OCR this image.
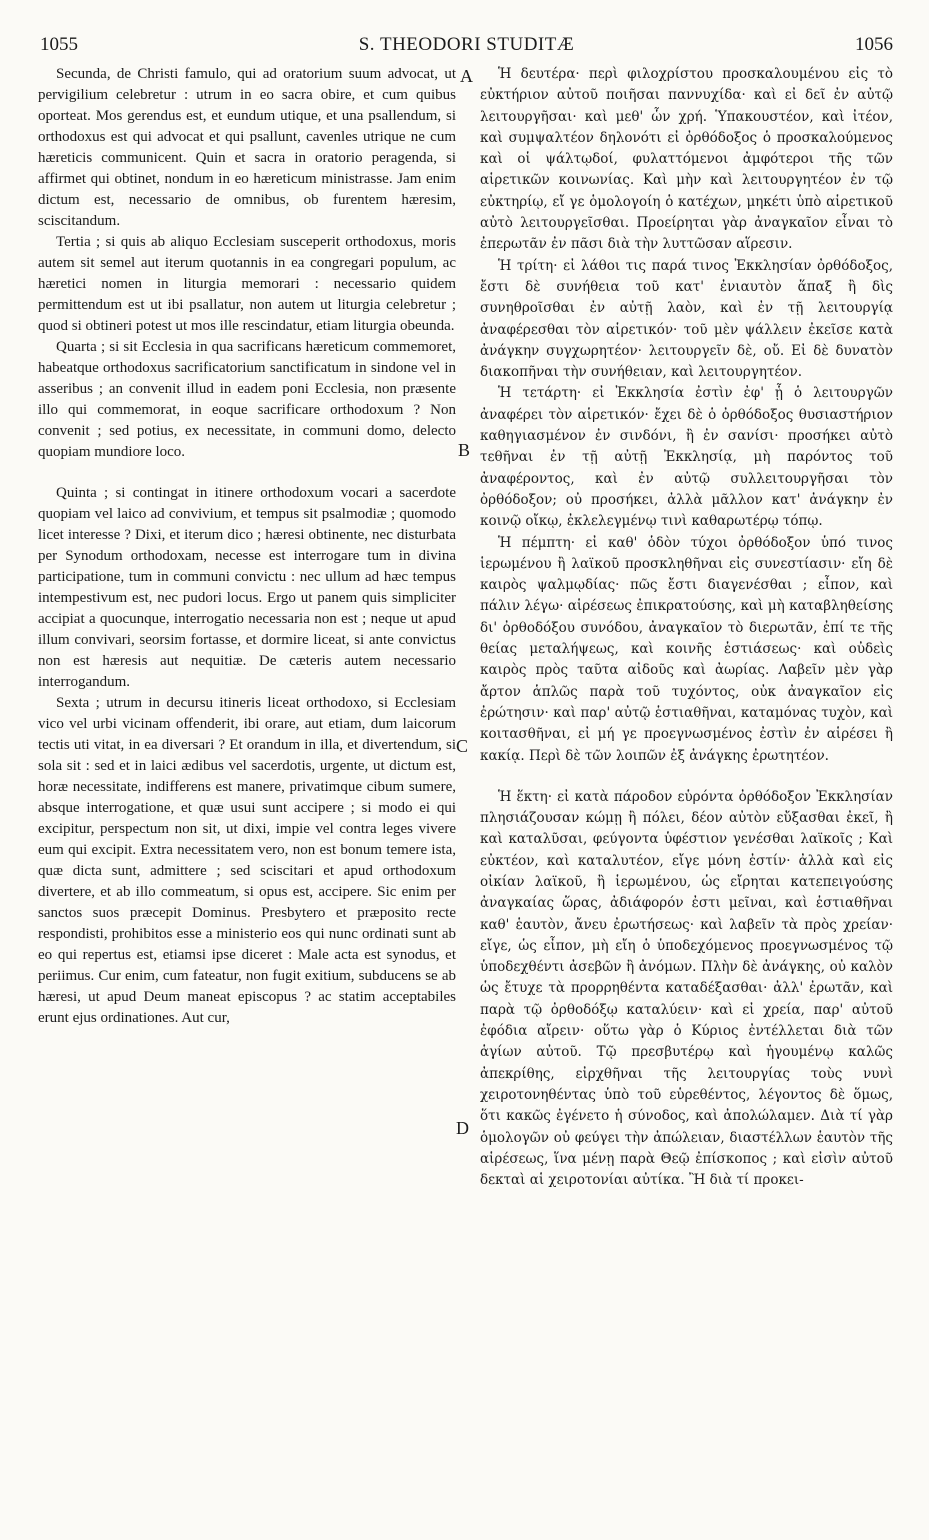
1055	S. THEODORI STUDITÆ	1056
A
B
C
D

Secunda, de Christi famulo, qui ad oratorium suum advocat, ut pervigilium celebretur : utrum in eo sacra obire, et cum quibus oporteat. Mos gerendus est, et eundum utique, et una psallendum, si orthodoxus est qui advocat et qui psallunt, cavenles utrique ne cum hæreticis communicent. Quin et sacra in oratorio peragenda, si affirmet qui obtinet, nondum in eo hæreticum ministrasse. Jam enim dictum est, necessario de omnibus, ob furentem hæresim, sciscitandum.

Tertia ; si quis ab aliquo Ecclesiam susceperit orthodoxus, moris autem sit semel aut iterum quotannis in ea congregari populum, ac hæretici nomen in liturgia memorari : necessario quidem permittendum est ut ibi psallatur, non autem ut liturgia celebretur ; quod si obtineri potest ut mos ille rescindatur, etiam liturgia obeunda.

Quarta ; si sit Ecclesia in qua sacrificans hæreticum commemoret, habeatque orthodoxus sacrificatorium sanctificatum in sindone vel in asseribus ; an convenit illud in eadem poni Ecclesia, non præsente illo qui commemorat, in eoque sacrificare orthodoxum ? Non convenit ; sed potius, ex necessitate, in communi domo, delecto quopiam mundiore loco.

Quinta ; si contingat in itinere orthodoxum vocari a sacerdote quopiam vel laico ad convivium, et tempus sit psalmodiæ ; quomodo licet interesse ? Dixi, et iterum dico ; hæresi obtinente, nec disturbata per Synodum orthodoxam, necesse est interrogare tum in divina participatione, tum in communi convictu : nec ullum ad hæc tempus intempestivum est, nec pudori locus. Ergo ut panem quis simpliciter accipiat a quocunque, interrogatio necessaria non est ; neque ut apud illum convivari, seorsim fortasse, et dormire liceat, si ante convictus non est hæresis aut nequitiæ. De cæteris autem necessario interrogandum.

Sexta ; utrum in decursu itineris liceat orthodoxo, si Ecclesiam vico vel urbi vicinam offenderit, ibi orare, aut etiam, dum laicorum tectis uti vitat, in ea diversari ? Et orandum in illa, et divertendum, si sola sit : sed et in laici ædibus vel sacerdotis, urgente, ut dictum est, horæ necessitate, indifferens est manere, privatimque cibum sumere, absque interrogatione, et quæ usui sunt accipere ; si modo ei qui excipitur, perspectum non sit, ut dixi, impie vel contra leges vivere eum qui excipit. Extra necessitatem vero, non est bonum temere ista, quæ dicta sunt, admittere ; sed sciscitari et apud orthodoxum divertere, et ab illo commeatum, si opus est, accipere. Sic enim per sanctos suos præcepit Dominus. Presbytero et præposito recte respondisti, prohibitos esse a ministerio eos qui nunc ordinati sunt ab eo qui repertus est, etiamsi ipse diceret : Male acta est synodus, et periimus. Cur enim, cum fateatur, non fugit exitium, subducens se ab hæresi, ut apud Deum maneat episcopus ? ac statim acceptabiles erunt ejus ordinationes. Aut cur,

Ἡ δευτέρα· περὶ φιλοχρίστου προσκαλουμένου εἰς τὸ εὐκτήριον αὐτοῦ ποιῆσαι παννυχίδα· καὶ εἰ δεῖ ἐν αὐτῷ λειτουργῆσαι· καὶ μεθ' ὧν χρή. Ὑπακουστέον, καὶ ἰτέον, καὶ συμψαλτέον δηλονότι εἰ ὀρθόδοξος ὁ προσκαλούμενος καὶ οἱ ψάλτῳδοί, φυλαττόμενοι ἀμφότεροι τῆς τῶν αἱρετικῶν κοινωνίας. Καὶ μὴν καὶ λειτουργητέον ἐν τῷ εὐκτηρίῳ, εἴ γε ὁμολογοίη ὁ κατέχων, μηκέτι ὑπὸ αἱρετικοῦ αὐτὸ λειτουργεῖσθαι. Προείρηται γὰρ ἀναγκαῖον εἶναι τὸ ἐπερωτᾶν ἐν πᾶσι διὰ τὴν λυττῶσαν αἵρεσιν.

Ἡ τρίτη· εἰ λάθοι τις παρά τινος Ἐκκλησίαν ὀρθόδοξος, ἔστι δὲ συνήθεια τοῦ κατ' ἐνιαυτὸν ἅπαξ ἢ δὶς συνηθροῖσθαι ἐν αὐτῇ λαὸν, καὶ ἐν τῇ λειτουργίᾳ ἀναφέρεσθαι τὸν αἱρετικόν· τοῦ μὲν ψάλλειν ἐκεῖσε κατὰ ἀνάγκην συγχωρητέον· λειτουργεῖν δὲ, οὔ. Εἰ δὲ δυνατὸν διακοπῆναι τὴν συνήθειαν, καὶ λειτουργητέον.

Ἡ τετάρτη· εἰ Ἐκκλησία ἐστὶν ἐφ' ᾗ ὁ λειτουργῶν ἀναφέρει τὸν αἱρετικόν· ἔχει δὲ ὁ ὀρθόδοξος θυσιαστήριον καθηγιασμένον ἐν σινδόνι, ἢ ἐν σανίσι· προσήκει αὐτὸ τεθῆναι ἐν τῇ αὐτῇ Ἐκκλησίᾳ, μὴ παρόντος τοῦ ἀναφέροντος, καὶ ἐν αὐτῷ συλλειτουργῆσαι τὸν ὀρθόδοξον; οὐ προσήκει, ἀλλὰ μᾶλλον κατ' ἀνάγκην ἐν κοινῷ οἴκῳ, ἐκλελεγμένῳ τινὶ καθαρωτέρῳ τόπῳ.

Ἡ πέμπτη· εἰ καθ' ὁδὸν τύχοι ὀρθόδοξον ὑπό τινος ἱερωμένου ἢ λαϊκοῦ προσκληθῆναι εἰς συνεστίασιν· εἴη δὲ καιρὸς ψαλμῳδίας· πῶς ἔστι διαγενέσθαι ; εἶπον, καὶ πάλιν λέγω· αἱρέσεως ἐπικρατούσης, καὶ μὴ καταβληθείσης δι' ὀρθοδόξου συνόδου, ἀναγκαῖον τὸ διερωτᾶν, ἐπί τε τῆς θείας μεταλήψεως, καὶ κοινῆς ἑστιάσεως· καὶ οὐδεὶς καιρὸς πρὸς ταῦτα αἰδοῦς καὶ ἀωρίας. Λαβεῖν μὲν γὰρ ἄρτον ἁπλῶς παρὰ τοῦ τυχόντος, οὐκ ἀναγκαῖον εἰς ἐρώτησιν· καὶ παρ' αὐτῷ ἑστιαθῆναι, καταμόνας τυχὸν, καὶ κοιτασθῆναι, εἰ μή γε προεγνωσμένος ἐστὶν ἐν αἱρέσει ἢ κακίᾳ. Περὶ δὲ τῶν λοιπῶν ἐξ ἀνάγκης ἐρωτητέον.

Ἡ ἕκτη· εἰ κατὰ πάροδον εὑρόντα ὀρθόδοξον Ἐκκλησίαν πλησιάζουσαν κώμῃ ἢ πόλει, δέον αὐτὸν εὔξασθαι ἐκεῖ, ἢ καὶ καταλῦσαι, φεύγοντα ὑφέστιον γενέσθαι λαϊκοῖς ; Καὶ εὐκτέον, καὶ καταλυτέον, εἴγε μόνη ἐστίν· ἀλλὰ καὶ εἰς οἰκίαν λαϊκοῦ, ἢ ἱερωμένου, ὡς εἴρηται κατεπειγούσης ἀναγκαίας ὥρας, ἀδιάφορόν ἐστι μεῖναι, καὶ ἑστιαθῆναι καθ' ἑαυτὸν, ἄνευ ἐρωτήσεως· καὶ λαβεῖν τὰ πρὸς χρείαν· εἴγε, ὡς εἶπον, μὴ εἴη ὁ ὑποδεχόμενος προεγνωσμένος τῷ ὑποδεχθέντι ἀσεβῶν ἢ ἀνόμων. Πλὴν δὲ ἀνάγκης, οὐ καλὸν ὡς ἔτυχε τὰ προρρηθέντα καταδέξασθαι· ἀλλ' ἐρωτᾶν, καὶ παρὰ τῷ ὀρθοδόξῳ καταλύειν· καὶ εἰ χρεία, παρ' αὐτοῦ ἐφόδια αἴρειν· οὕτω γὰρ ὁ Κύριος ἐντέλλεται διὰ τῶν ἁγίων αὐτοῦ. Τῷ πρεσβυτέρῳ καὶ ἡγουμένῳ καλῶς ἀπεκρίθης, εἰρχθῆναι τῆς λειτουργίας τοὺς νυνὶ χειροτονηθέντας ὑπὸ τοῦ εὑρεθέντος, λέγοντος δὲ ὅμως, ὅτι κακῶς ἐγένετο ἡ σύνοδος, καὶ ἀπολώλαμεν. Διὰ τί γὰρ ὁμολογῶν οὐ φεύγει τὴν ἀπώλειαν, διαστέλλων ἑαυτὸν τῆς αἱρέσεως, ἵνα μένῃ παρὰ Θεῷ ἐπίσκοπος ; καὶ εἰσὶν αὐτοῦ δεκταὶ αἱ χειροτονίαι αὐτίκα. Ἢ διὰ τί προκει-
